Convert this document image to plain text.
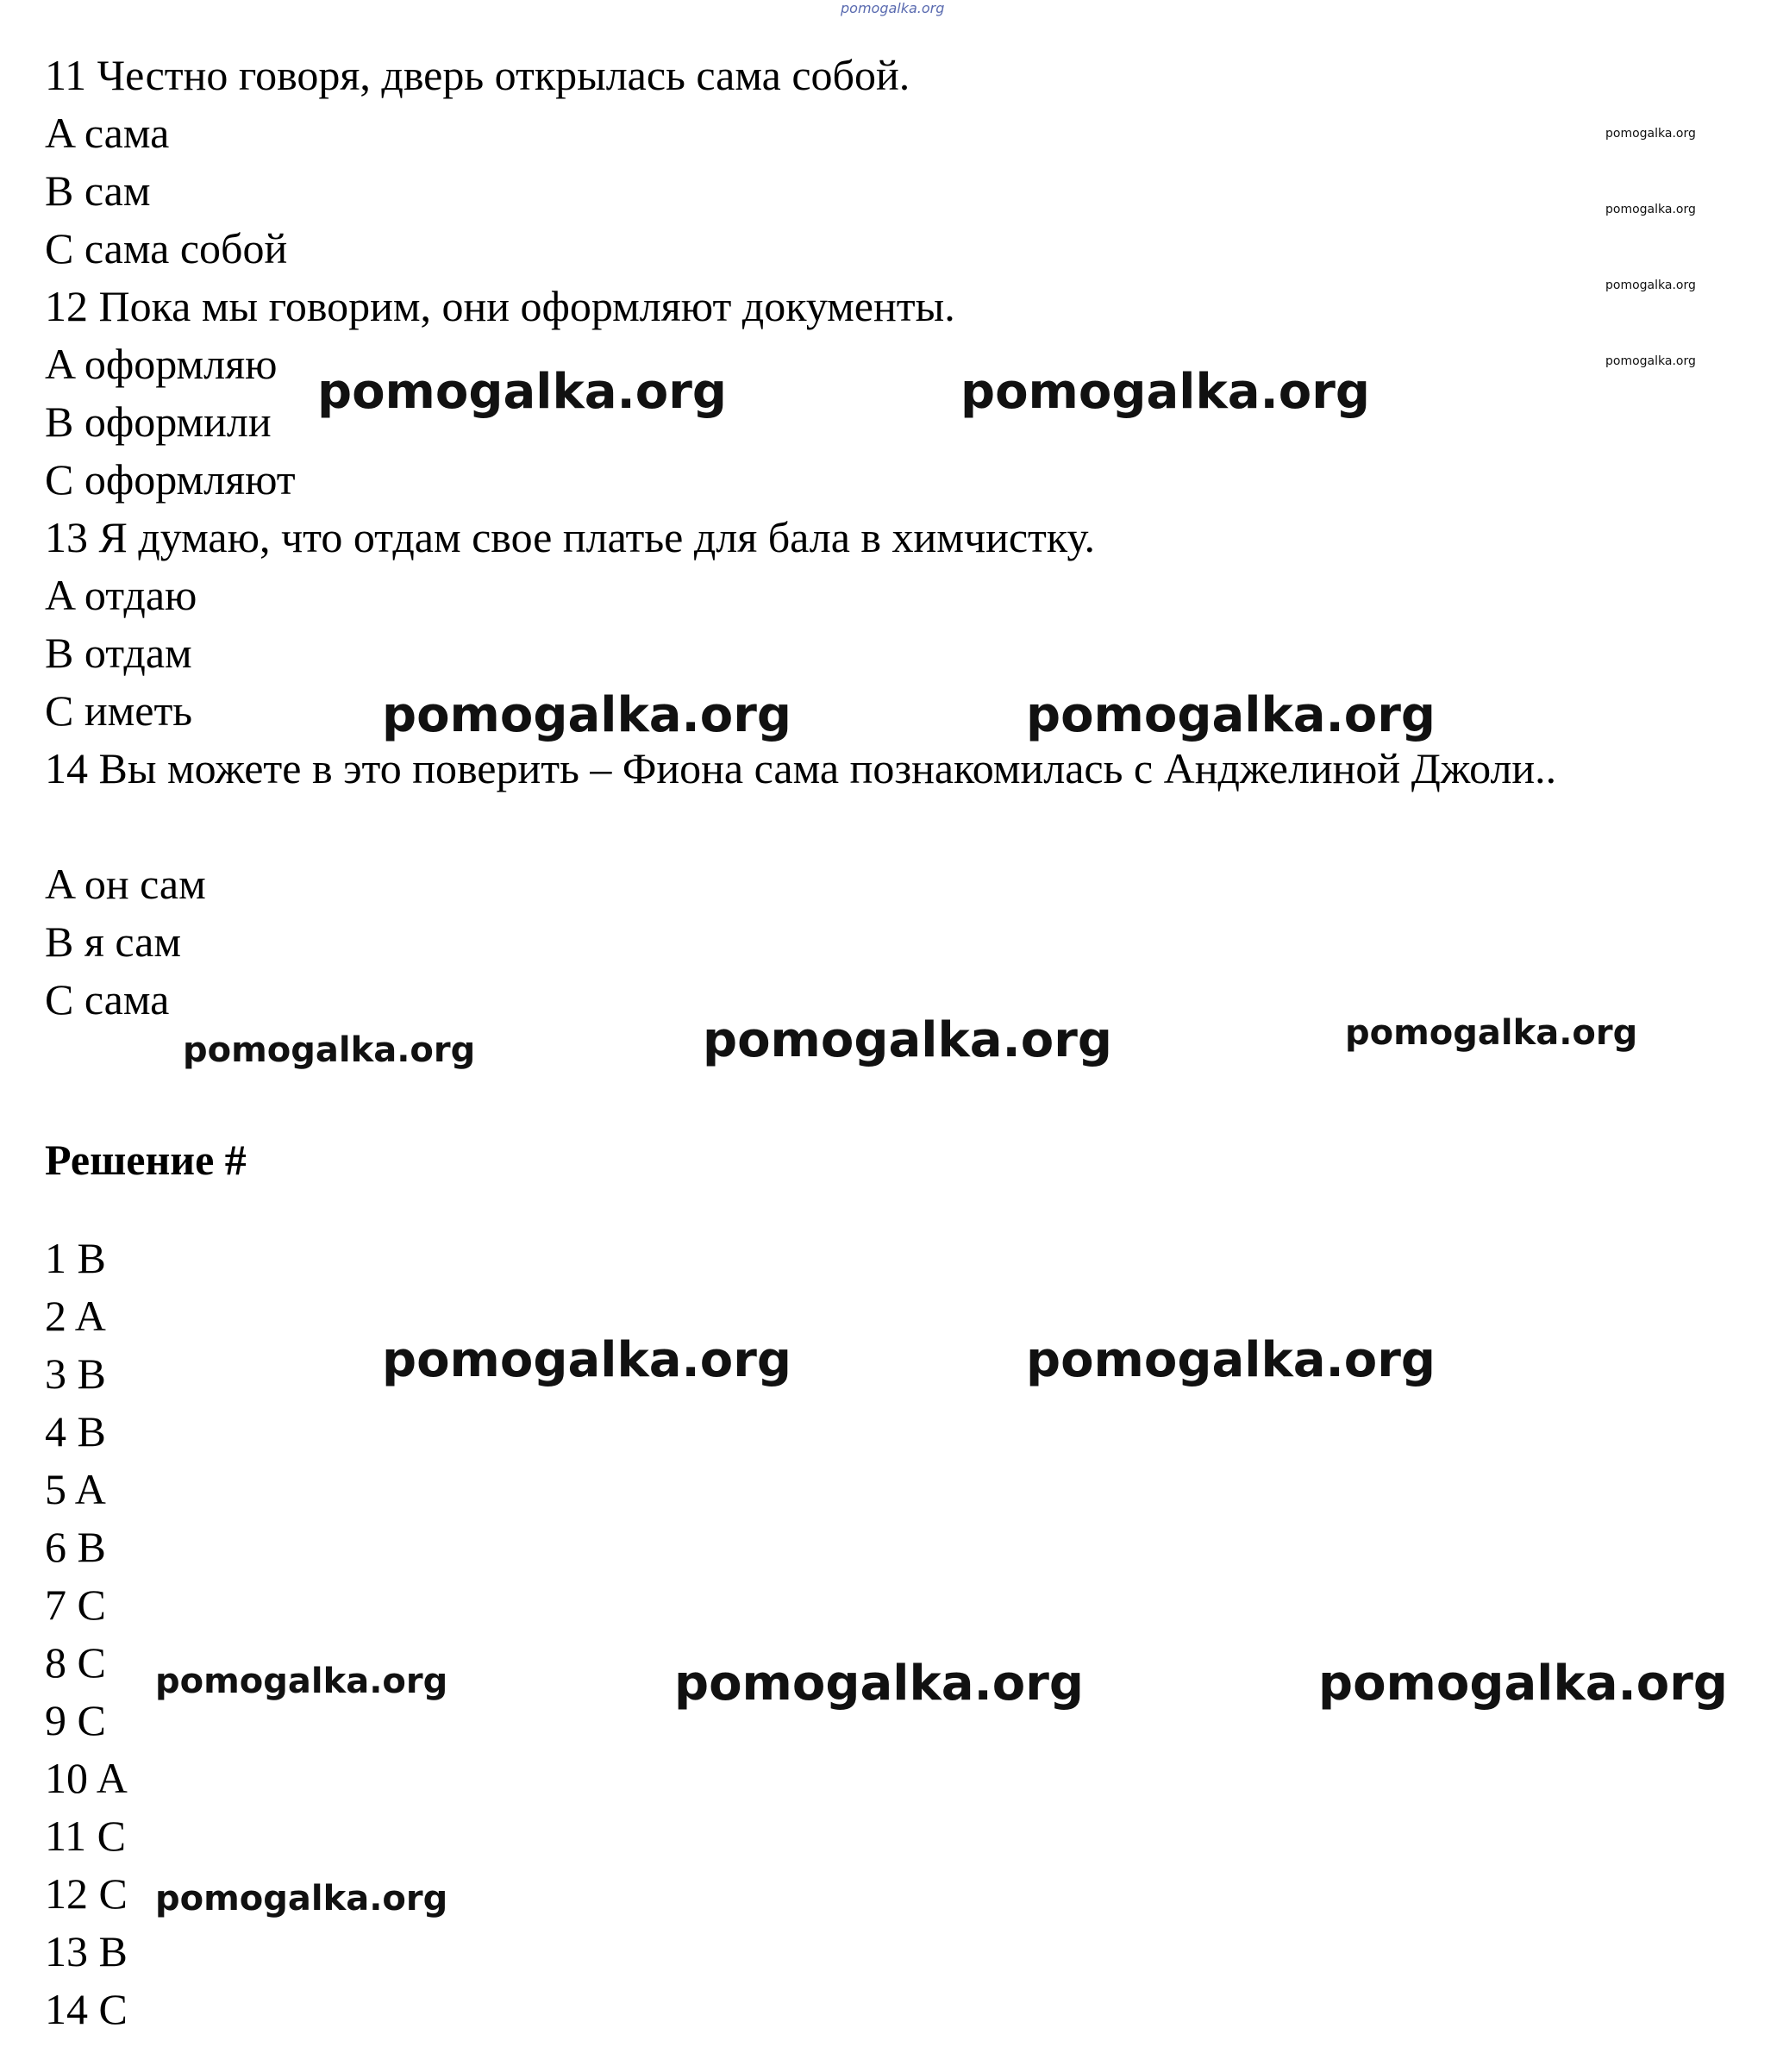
pomogalka.org
pomogalka.org
pomogalka.org
pomogalka.org
pomogalka.org
11 Честно говоря, дверь открылась сама собой.
A сама
B сам
C сама собой
12 Пока мы говорим, они оформляют документы.
A оформляю
B оформили
C оформляют
13 Я думаю, что отдам свое платье для бала в химчистку.
A отдаю
B отдам
C иметь
14 Вы можете в это поверить – Фиона сама познакомилась с Анджелиной Джоли..
A он сам
B я сам
C сама
Решение #
1 B
2 A
3 B
4 B
5 A
6 B
7 C
8 C
9 C
10 A
11 C
12 C
13 B
14 C
pomogalka.org	pomogalka.org
pomogalka.org	pomogalka.org
pomogalka.org
pomogalka.org	pomogalka.org
pomogalka.org	pomogalka.org
pomogalka.org	pomogalka.org
pomogalka.org
pomogalka.org
